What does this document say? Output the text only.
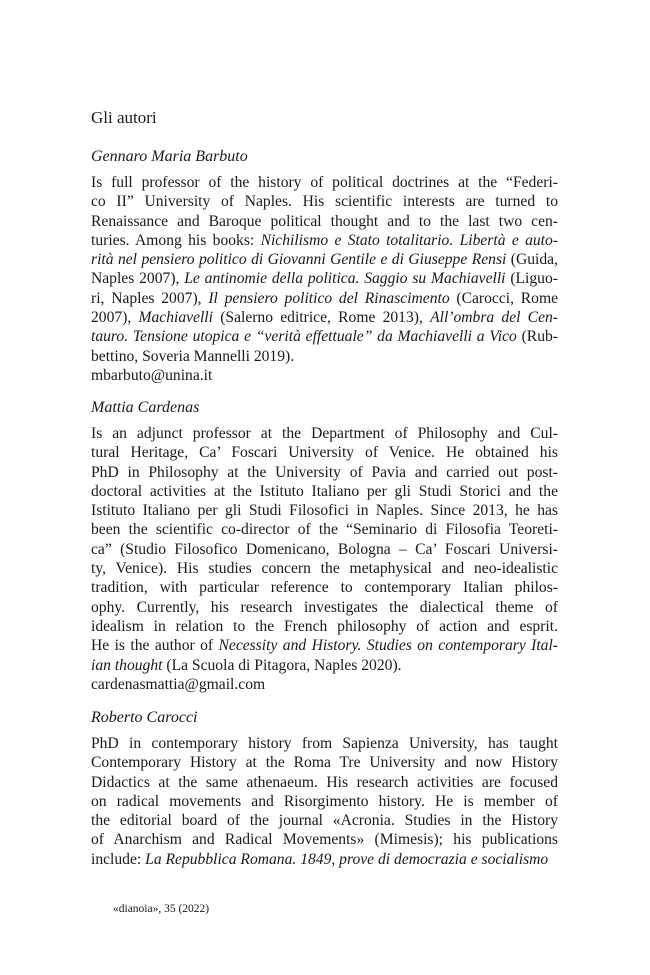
Gli autori
Gennaro Maria Barbuto
Is full professor of the history of political doctrines at the “Federi-
co II” University of Naples. His scientific interests are turned to
Renaissance and Baroque political thought and to the last two cen-
turies. Among his books: Nichilismo e Stato totalitario. Libertà e auto-
rità nel pensiero politico di Giovanni Gentile e di Giuseppe Rensi (Guida,
Naples 2007), Le antinomie della politica. Saggio su Machiavelli (Liguo-
ri, Naples 2007), Il pensiero politico del Rinascimento (Carocci, Rome
2007), Machiavelli (Salerno editrice, Rome 2013), All’ombra del Cen-
tauro. Tensione utopica e “verità effettuale” da Machiavelli a Vico (Rub-
bettino, Soveria Mannelli 2019).
mbarbuto@unina.it
Mattia Cardenas
Is an adjunct professor at the Department of Philosophy and Cul-
tural Heritage, Ca’ Foscari University of Venice. He obtained his
PhD in Philosophy at the University of Pavia and carried out post-
doctoral activities at the Istituto Italiano per gli Studi Storici and the
Istituto Italiano per gli Studi Filosofici in Naples. Since 2013, he has
been the scientific co-director of the “Seminario di Filosofia Teoreti-
ca” (Studio Filosofico Domenicano, Bologna – Ca’ Foscari Universi-
ty, Venice). His studies concern the metaphysical and neo-idealistic
tradition, with particular reference to contemporary Italian philos-
ophy. Currently, his research investigates the dialectical theme of
idealism in relation to the French philosophy of action and esprit.
He is the author of Necessity and History. Studies on contemporary Ital-
ian thought (La Scuola di Pitagora, Naples 2020).
cardenasmattia@gmail.com
Roberto Carocci
PhD in contemporary history from Sapienza University, has taught
Contemporary History at the Roma Tre University and now History
Didactics at the same athenaeum. His research activities are focused
on radical movements and Risorgimento history. He is member of
the editorial board of the journal «Acronia. Studies in the History
of Anarchism and Radical Movements» (Mimesis); his publications
include: La Repubblica Romana. 1849, prove di democrazia e socialismo
«dianoia», 35 (2022)
